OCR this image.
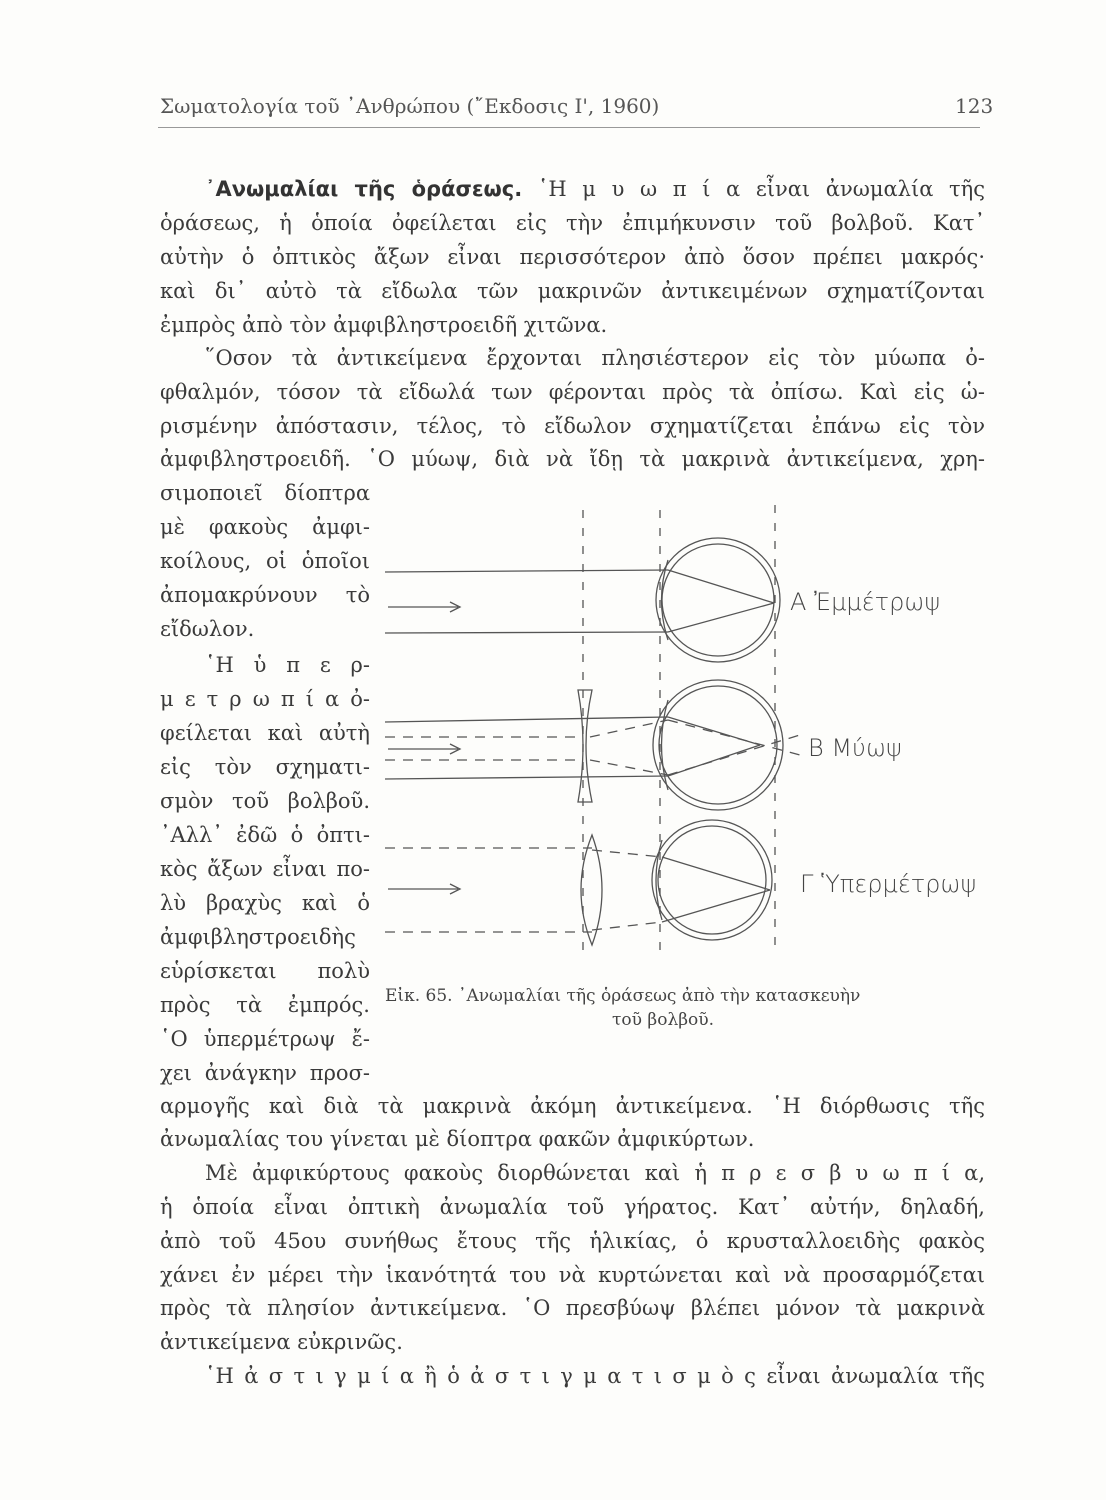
Σωματολογία τοῦ ᾿Ανθρώπου (῎Εκδοσις Ι', 1960)	123
᾿Ανωμαλίαι τῆς ὁράσεως. ῾Η μ υ ω π ί α εἶναι ἀνωμαλία τῆς
ὁράσεως, ἡ ὁποία ὀφείλεται εἰς τὴν ἐπιμήκυνσιν τοῦ βολβοῦ. Κατ᾿
αὐτὴν ὁ ὀπτικὸς ἄξων εἶναι περισσότερον ἀπὸ ὅσον πρέπει μακρός·
καὶ δι᾿ αὐτὸ τὰ εἴδωλα τῶν μακρινῶν ἀντικειμένων σχηματίζονται
ἐμπρὸς ἀπὸ τὸν ἀμφιβληστροειδῆ χιτῶνα.
῞Οσον τὰ ἀντικείμενα ἔρχονται πλησιέστερον εἰς τὸν μύωπα ὀ-
φθαλμόν, τόσον τὰ εἴδωλά των φέρονται πρὸς τὰ ὀπίσω. Καὶ εἰς ὡ-
ρισμένην ἀπόστασιν, τέλος, τὸ εἴδωλον σχηματίζεται ἐπάνω εἰς τὸν
ἀμφιβληστροειδῆ. ῾Ο μύωψ, διὰ νὰ ἴδῃ τὰ μακρινὰ ἀντικείμενα, χρη-
σιμοποιεῖ δίοπτρα
μὲ φακοὺς ἀμφι-
κοίλους, οἱ ὁποῖοι
ἀπομακρύνουν τὸ
εἴδωλον.
῾Η ὑ π ε ρ-
μ ε τ ρ ω π ί α ὀ-
φείλεται καὶ αὐτὴ
εἰς τὸν σχηματι-
σμὸν τοῦ βολβοῦ.
᾿Αλλ᾿ ἐδῶ ὁ ὀπτι-
κὸς ἄξων εἶναι πο-
λὺ βραχὺς καὶ ὁ
ἀμφιβληστροειδὴς
εὑρίσκεται πολὺ
πρὸς τὰ ἐμπρός.
῾Ο ὑπερμέτρωψ ἔ-
χει ἀνάγκην προσ-
αρμογῆς καὶ διὰ τὰ μακρινὰ ἀκόμη ἀντικείμενα. ῾Η διόρθωσις τῆς
ἀνωμαλίας του γίνεται μὲ δίοπτρα φακῶν ἀμφικύρτων.
Μὲ ἀμφικύρτους φακοὺς διορθώνεται καὶ ἡ π ρ ε σ β υ ω π ί α,
ἡ ὁποία εἶναι ὀπτικὴ ἀνωμαλία τοῦ γήρατος. Κατ᾿ αὐτήν, δηλαδή,
ἀπὸ τοῦ 45ου συνήθως ἔτους τῆς ἡλικίας, ὁ κρυσταλλοειδὴς φακὸς
χάνει ἐν μέρει τὴν ἱκανότητά του νὰ κυρτώνεται καὶ νὰ προσαρμόζεται
πρὸς τὰ πλησίον ἀντικείμενα. ῾Ο πρεσβύωψ βλέπει μόνον τὰ μακρινὰ
ἀντικείμενα εὐκρινῶς.
῾Η ἀ σ τ ι γ μ ί α ἢ ὁ ἀ σ τ ι γ μ α τ ι σ μ ὸ ς εἶναι ἀνωμαλία τῆς
Α Ἐμμέτρωψ
Β Μύωψ
Γ Ὑπερμέτρωψ
Εἰκ. 65. ᾿Ανωμαλίαι τῆς ὁράσεως ἀπὸ τὴν κατασκευὴν
τοῦ βολβοῦ.
